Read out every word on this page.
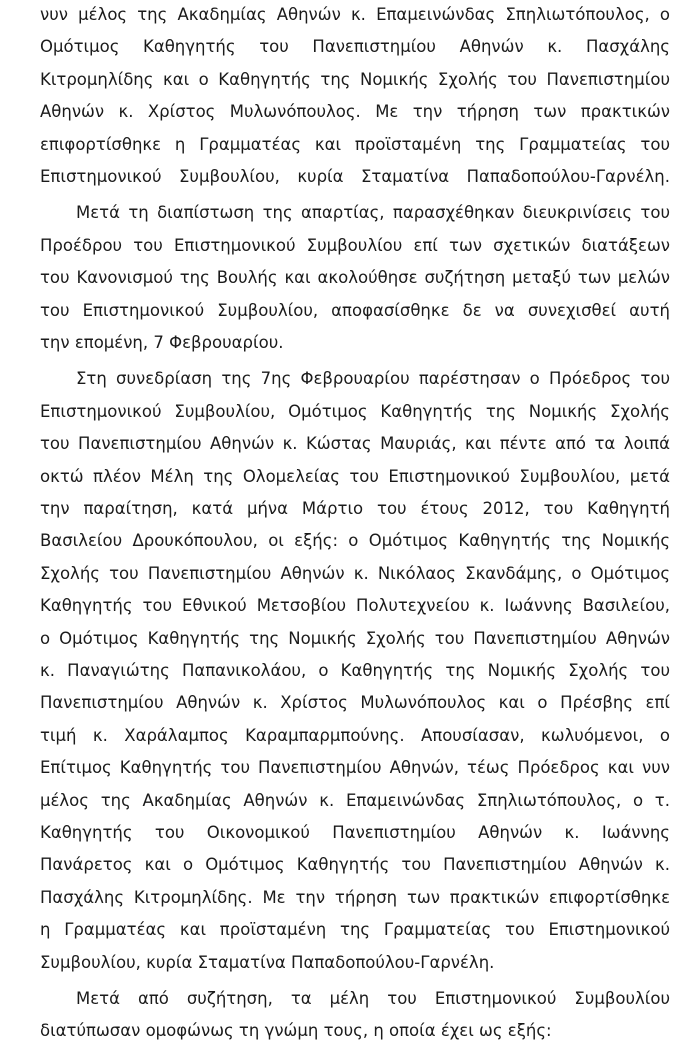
νυν μέλος της Ακαδημίας Αθηνών κ. Επαμεινώνδας Σπηλιωτόπουλος, ο
Ομότιμος Καθηγητής του Πανεπιστημίου Αθηνών κ. Πασχάλης
Κιτρομηλίδης και ο Καθηγητής της Νομικής Σχολής του Πανεπιστημίου
Αθηνών κ. Χρίστος Μυλωνόπουλος. Με την τήρηση των πρακτικών
επιφορτίσθηκε η Γραμματέας και προϊσταμένη της Γραμματείας του
Επιστημονικού Συμβουλίου, κυρία Σταματίνα Παπαδοπούλου-Γαρνέλη.
Μετά τη διαπίστωση της απαρτίας, παρασχέθηκαν διευκρινίσεις του
Προέδρου του Επιστημονικού Συμβουλίου επί των σχετικών διατάξεων
του Κανονισμού της Βουλής και ακολούθησε συζήτηση μεταξύ των μελών
του Επιστημονικού Συμβουλίου, αποφασίσθηκε δε να συνεχισθεί αυτή
την επομένη, 7 Φεβρουαρίου.
Στη συνεδρίαση της 7ης Φεβρουαρίου παρέστησαν ο Πρόεδρος του
Επιστημονικού Συμβουλίου, Ομότιμος Καθηγητής της Νομικής Σχολής
του Πανεπιστημίου Αθηνών κ. Κώστας Μαυριάς, και πέντε από τα λοιπά
οκτώ πλέον Μέλη της Ολομελείας του Επιστημονικού Συμβουλίου, μετά
την παραίτηση, κατά μήνα Μάρτιο του έτους 2012, του Καθηγητή
Βασιλείου Δρουκόπουλου, οι εξής: ο Ομότιμος Καθηγητής της Νομικής
Σχολής του Πανεπιστημίου Αθηνών κ. Νικόλαος Σκανδάμης, ο Ομότιμος
Καθηγητής του Εθνικού Μετσοβίου Πολυτεχνείου κ. Ιωάννης Βασιλείου,
ο Ομότιμος Καθηγητής της Νομικής Σχολής του Πανεπιστημίου Αθηνών
κ. Παναγιώτης Παπανικολάου, ο Καθηγητής της Νομικής Σχολής του
Πανεπιστημίου Αθηνών κ. Χρίστος Μυλωνόπουλος και ο Πρέσβης επί
τιμή κ. Χαράλαμπος Καραμπαρμπούνης. Απουσίασαν, κωλυόμενοι, ο
Επίτιμος Καθηγητής του Πανεπιστημίου Αθηνών, τέως Πρόεδρος και νυν
μέλος της Ακαδημίας Αθηνών κ. Επαμεινώνδας Σπηλιωτόπουλος, ο τ.
Καθηγητής του Οικονομικού Πανεπιστημίου Αθηνών κ. Ιωάννης
Πανάρετος και ο Ομότιμος Καθηγητής του Πανεπιστημίου Αθηνών κ.
Πασχάλης Κιτρομηλίδης. Με την τήρηση των πρακτικών επιφορτίσθηκε
η Γραμματέας και προϊσταμένη της Γραμματείας του Επιστημονικού
Συμβουλίου, κυρία Σταματίνα Παπαδοπούλου-Γαρνέλη.
Μετά από συζήτηση, τα μέλη του Επιστημονικού Συμβουλίου
διατύπωσαν ομοφώνως τη γνώμη τους, η οποία έχει ως εξής:
